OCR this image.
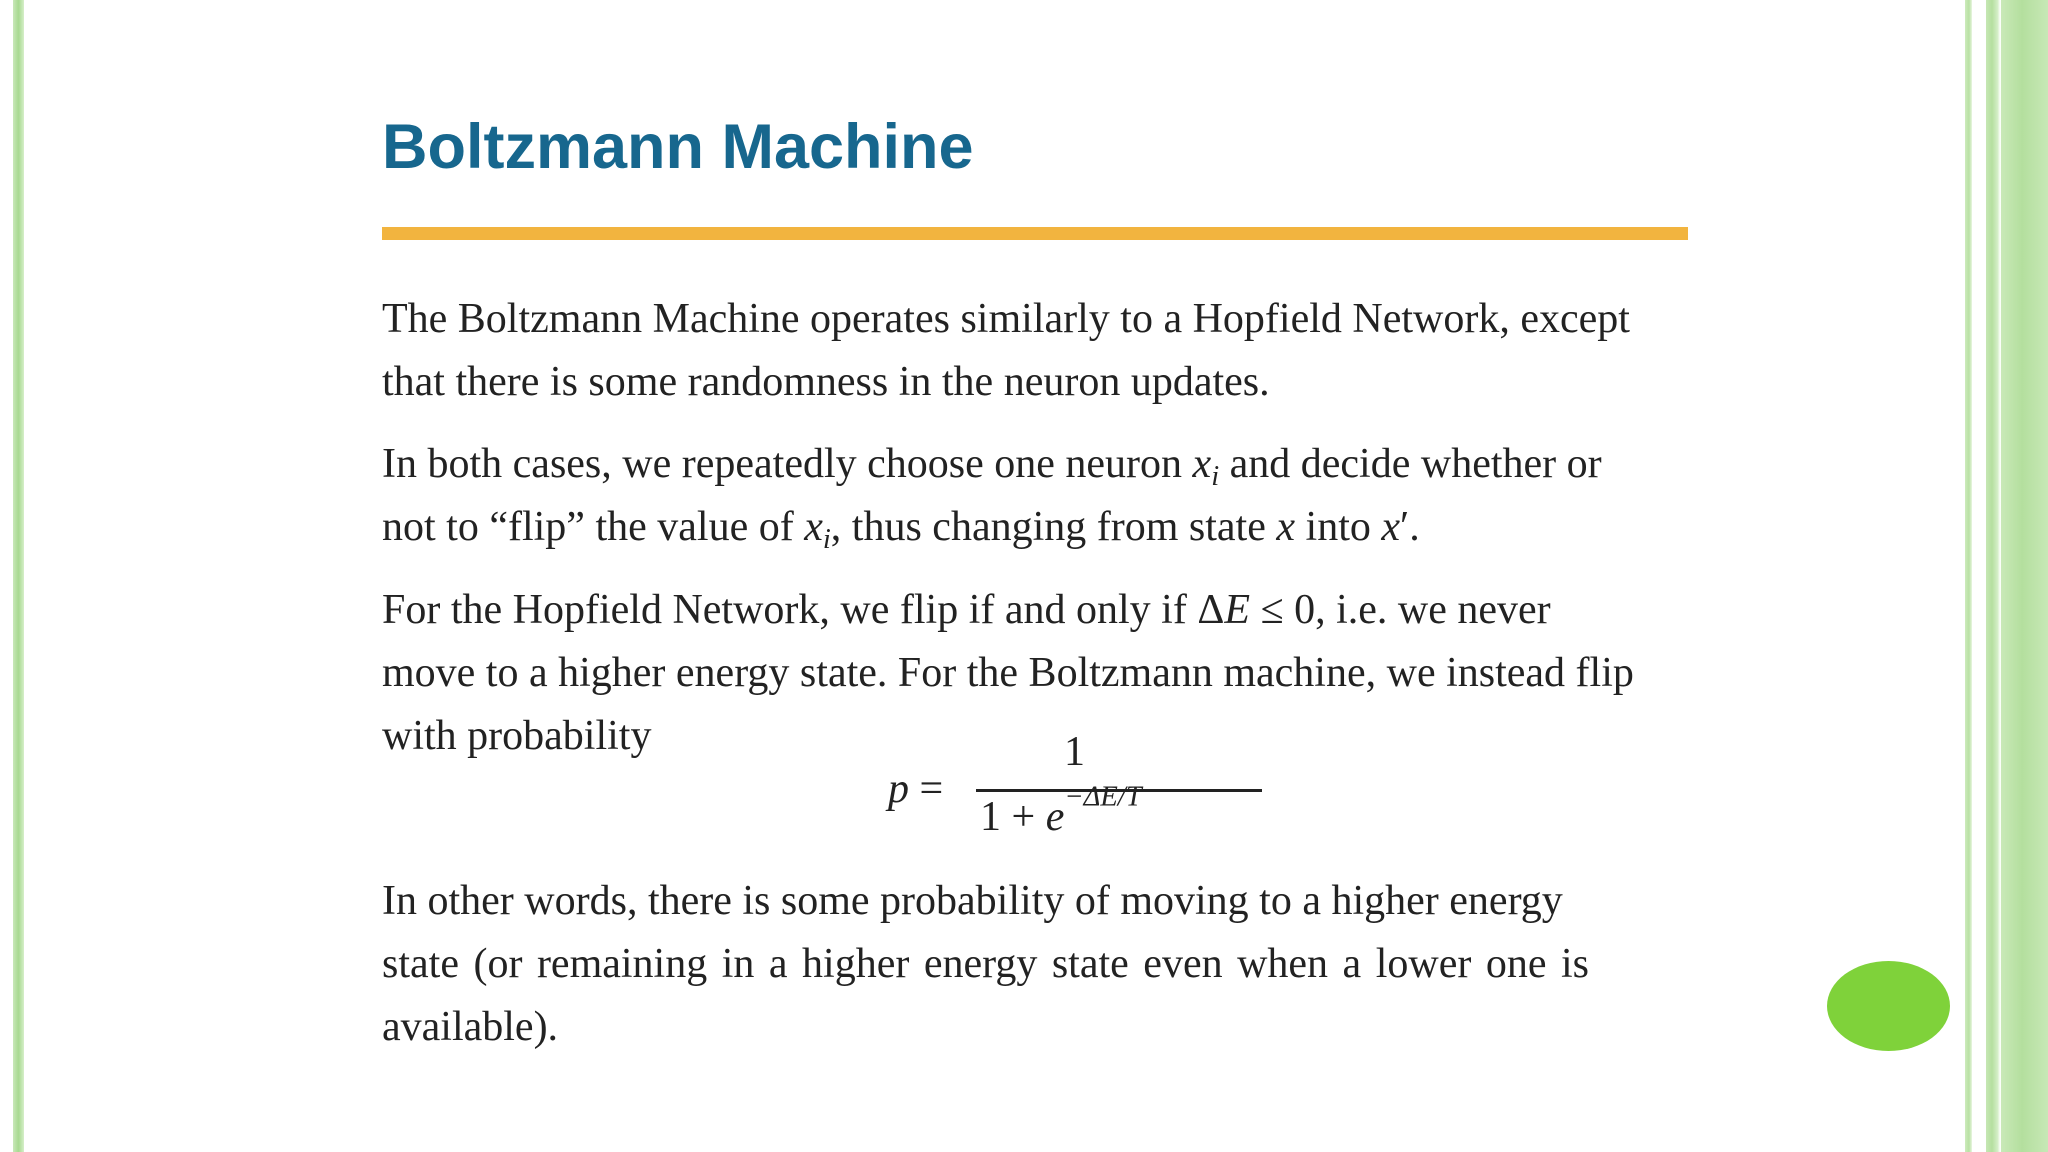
Boltzmann Machine

The Boltzmann Machine operates similarly to a Hopfield Network, except
that there is some randomness in the neuron updates.

In both cases, we repeatedly choose one neuron $x_i$ and decide whether or
not to “flip” the value of $x_i$, thus changing from state x into x′.

For the Hopfield Network, we flip if and only if ΔE ≤ 0, i.e. we never
move to a higher energy state. For the Boltzmann machine, we instead flip
with probability

p =
1
$1 + e^{-\Delta E/T}$

In other words, there is some probability of moving to a higher energy
state (or remaining in a higher energy state even when a lower one is
available).
